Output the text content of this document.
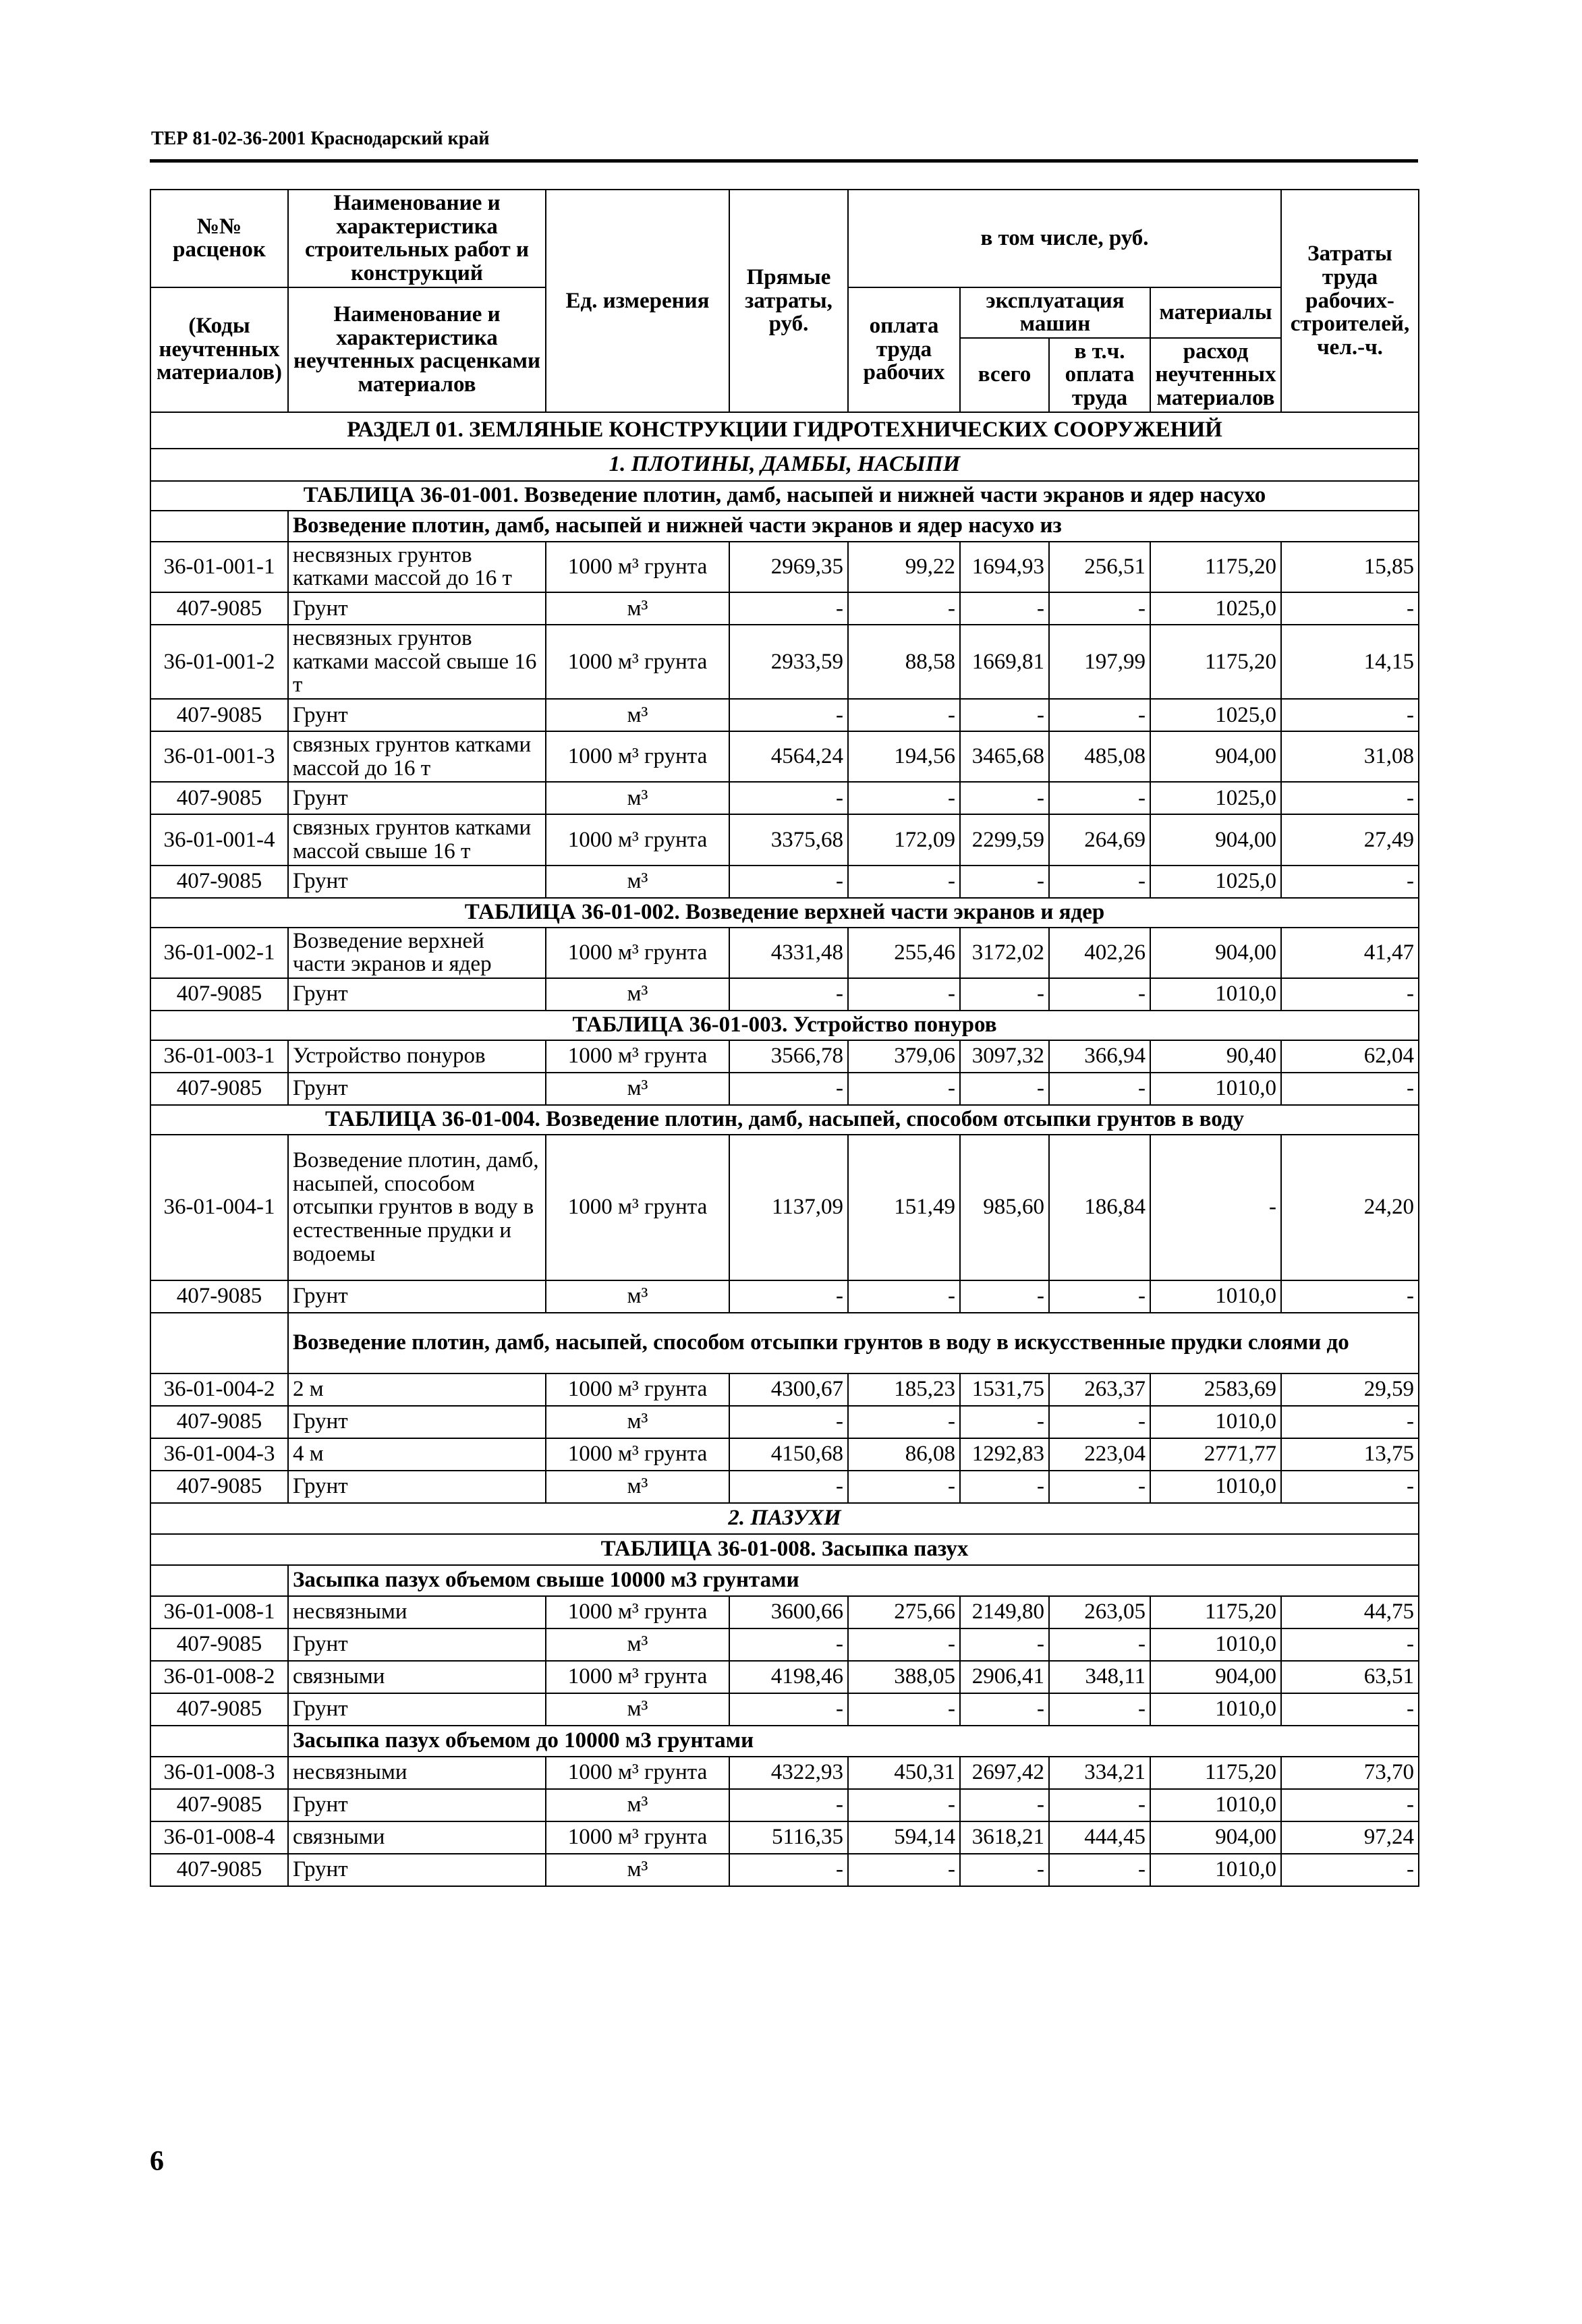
ТЕР 81-02-36-2001 Краснодарский край
№№ расценок	Наименование и характеристика строительных работ и конструкций	Ед. измерения	Прямые затраты, руб.	в том числе, руб.				Затраты труда рабочих-строителей, чел.-ч.
(Коды неучтенных материалов)	Наименование и характеристика неучтенных расценками материалов			оплата труда рабочих	эксплуатация машин		материалы	
					всего	в т.ч. оплата труда	расход неучтенных материалов	
РАЗДЕЛ 01. ЗЕМЛЯНЫЕ КОНСТРУКЦИИ ГИДРОТЕХНИЧЕСКИХ СООРУЖЕНИЙ								
1. ПЛОТИНЫ, ДАМБЫ, НАСЫПИ								
ТАБЛИЦА 36-01-001. Возведение плотин, дамб, насыпей и нижней части экранов и ядер насухо								
	Возведение плотин, дамб, насыпей и нижней части экранов и ядер насухо из							
36-01-001-1	несвязных грунтов катками массой до 16 т	1000 м³ грунта	2969,35	99,22	1694,93	256,51	1175,20	15,85
407-9085	Грунт	м³	-	-	-	-	1025,0	-
36-01-001-2	несвязных грунтов катками массой свыше 16 т	1000 м³ грунта	2933,59	88,58	1669,81	197,99	1175,20	14,15
407-9085	Грунт	м³	-	-	-	-	1025,0	-
36-01-001-3	связных грунтов катками массой до 16 т	1000 м³ грунта	4564,24	194,56	3465,68	485,08	904,00	31,08
407-9085	Грунт	м³	-	-	-	-	1025,0	-
36-01-001-4	связных грунтов катками массой свыше 16 т	1000 м³ грунта	3375,68	172,09	2299,59	264,69	904,00	27,49
407-9085	Грунт	м³	-	-	-	-	1025,0	-
ТАБЛИЦА 36-01-002. Возведение верхней части экранов и ядер								
36-01-002-1	Возведение верхней части экранов и ядер	1000 м³ грунта	4331,48	255,46	3172,02	402,26	904,00	41,47
407-9085	Грунт	м³	-	-	-	-	1010,0	-
ТАБЛИЦА 36-01-003. Устройство понуров								
36-01-003-1	Устройство понуров	1000 м³ грунта	3566,78	379,06	3097,32	366,94	90,40	62,04
407-9085	Грунт	м³	-	-	-	-	1010,0	-
ТАБЛИЦА 36-01-004. Возведение плотин, дамб, насыпей, способом отсыпки грунтов в воду								
36-01-004-1	Возведение плотин, дамб, насыпей, способом отсыпки грунтов в воду в естественные прудки и водоемы	1000 м³ грунта	1137,09	151,49	985,60	186,84	-	24,20
407-9085	Грунт	м³	-	-	-	-	1010,0	-
	Возведение плотин, дамб, насыпей, способом отсыпки грунтов в воду в искусственные прудки слоями до							
36-01-004-2	2 м	1000 м³ грунта	4300,67	185,23	1531,75	263,37	2583,69	29,59
407-9085	Грунт	м³	-	-	-	-	1010,0	-
36-01-004-3	4 м	1000 м³ грунта	4150,68	86,08	1292,83	223,04	2771,77	13,75
407-9085	Грунт	м³	-	-	-	-	1010,0	-
2. ПАЗУХИ								
ТАБЛИЦА 36-01-008. Засыпка пазух								
	Засыпка пазух объемом свыше 10000 м3 грунтами							
36-01-008-1	несвязными	1000 м³ грунта	3600,66	275,66	2149,80	263,05	1175,20	44,75
407-9085	Грунт	м³	-	-	-	-	1010,0	-
36-01-008-2	связными	1000 м³ грунта	4198,46	388,05	2906,41	348,11	904,00	63,51
407-9085	Грунт	м³	-	-	-	-	1010,0	-
	Засыпка пазух объемом до 10000 м3 грунтами							
36-01-008-3	несвязными	1000 м³ грунта	4322,93	450,31	2697,42	334,21	1175,20	73,70
407-9085	Грунт	м³	-	-	-	-	1010,0	-
36-01-008-4	связными	1000 м³ грунта	5116,35	594,14	3618,21	444,45	904,00	97,24
407-9085	Грунт	м³	-	-	-	-	1010,0	-
6
